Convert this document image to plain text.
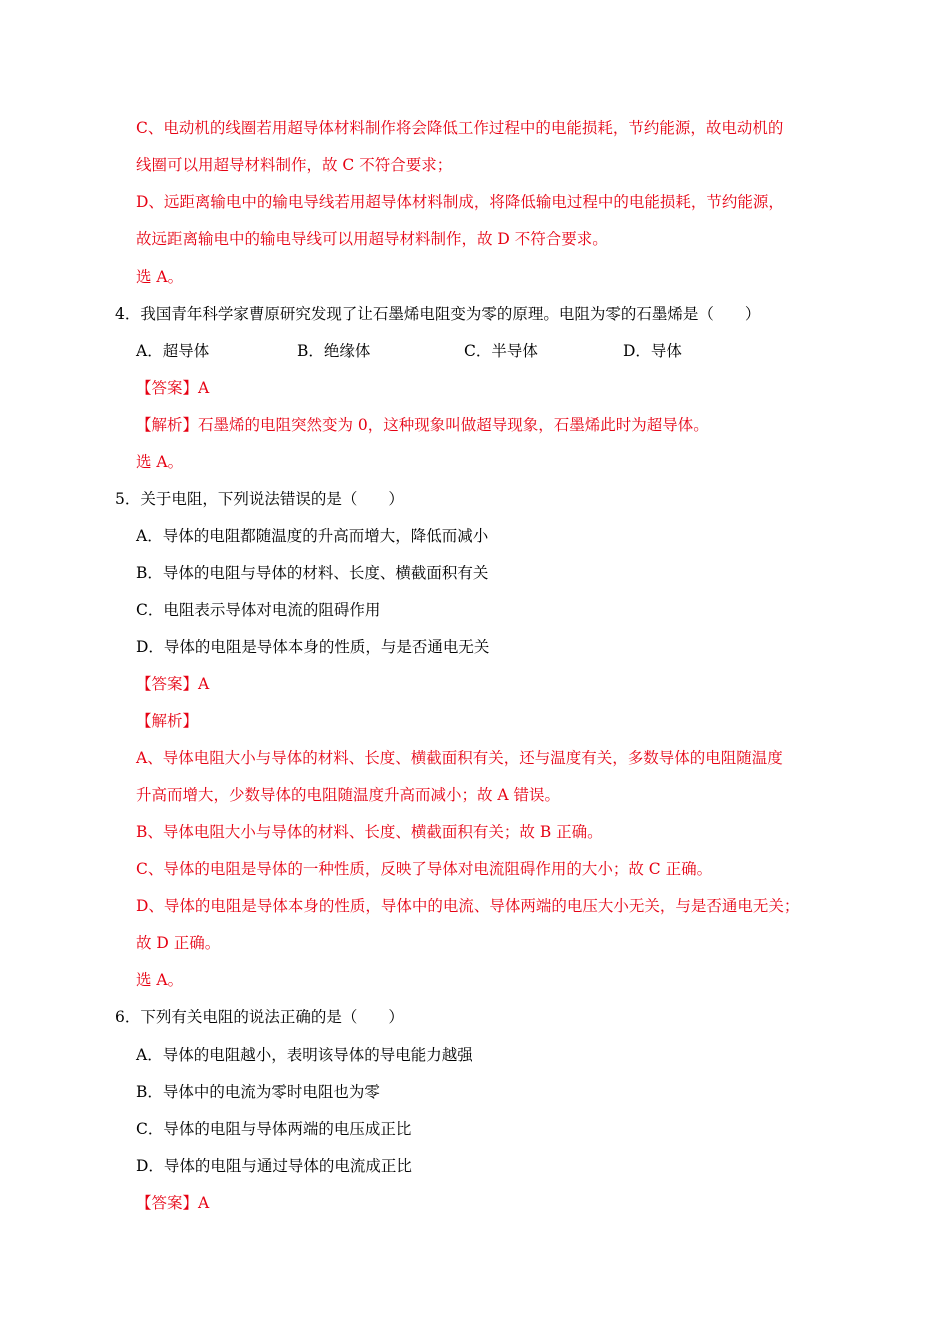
C、电动机的线圈若用超导体材料制作将会降低工作过程中的电能损耗，节约能源，故电动机的
线圈可以用超导材料制作，故 C 不符合要求；
D、远距离输电中的输电导线若用超导体材料制成，将降低输电过程中的电能损耗，节约能源，
故远距离输电中的输电导线可以用超导材料制作，故 D 不符合要求。
选 A。
4．我国青年科学家曹原研究发现了让石墨烯电阻变为零的原理。电阻为零的石墨烯是（　　）
A．超导体	B．绝缘体	C．半导体	D．导体
【答案】A
【解析】石墨烯的电阻突然变为 0，这种现象叫做超导现象，石墨烯此时为超导体。
选 A。
5．关于电阻，下列说法错误的是（　　）
A．导体的电阻都随温度的升高而增大，降低而减小
B．导体的电阻与导体的材料、长度、横截面积有关
C．电阻表示导体对电流的阻碍作用
D．导体的电阻是导体本身的性质，与是否通电无关
【答案】A
【解析】
A、导体电阻大小与导体的材料、长度、横截面积有关，还与温度有关，多数导体的电阻随温度
升高而增大，少数导体的电阻随温度升高而减小；故 A 错误。
B、导体电阻大小与导体的材料、长度、横截面积有关；故 B 正确。
C、导体的电阻是导体的一种性质，反映了导体对电流阻碍作用的大小；故 C 正确。
D、导体的电阻是导体本身的性质，导体中的电流、导体两端的电压大小无关，与是否通电无关；
故 D 正确。
选 A。
6．下列有关电阻的说法正确的是（　　）
A．导体的电阻越小，表明该导体的导电能力越强
B．导体中的电流为零时电阻也为零
C．导体的电阻与导体两端的电压成正比
D．导体的电阻与通过导体的电流成正比
【答案】A
